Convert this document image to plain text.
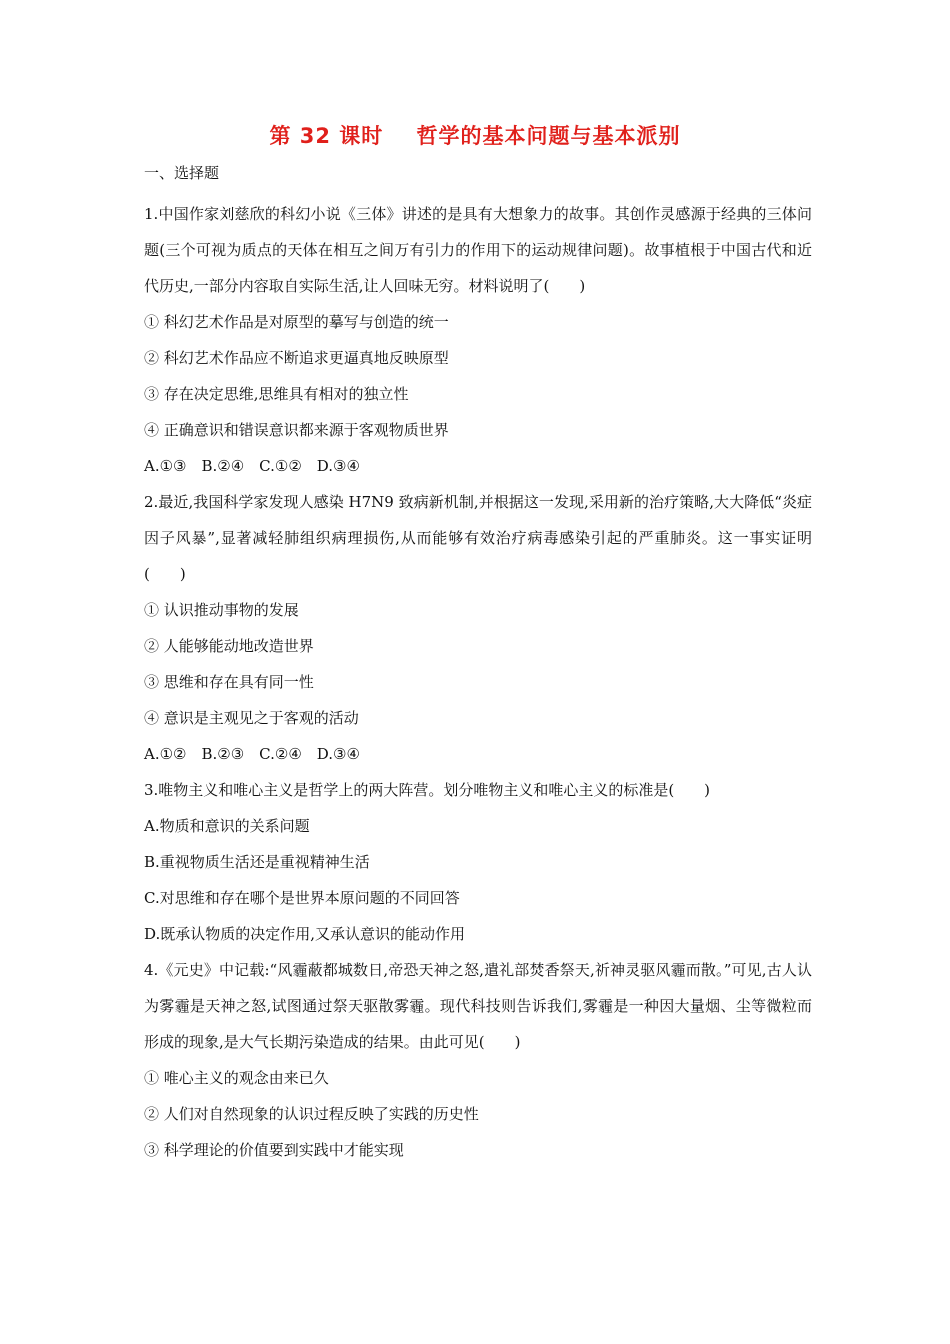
第 32 课时    哲学的基本问题与基本派别
一、选择题
1.中国作家刘慈欣的科幻小说《三体》讲述的是具有大想象力的故事。其创作灵感源于经典的三体问题(三个可视为质点的天体在相互之间万有引力的作用下的运动规律问题)。故事植根于中国古代和近代历史,一部分内容取自实际生活,让人回味无穷。材料说明了(　　)
① 科幻艺术作品是对原型的摹写与创造的统一
② 科幻艺术作品应不断追求更逼真地反映原型
③ 存在决定思维,思维具有相对的独立性
④ 正确意识和错误意识都来源于客观物质世界
A.①③　B.②④　C.①②　D.③④
2.最近,我国科学家发现人感染 H7N9 致病新机制,并根据这一发现,采用新的治疗策略,大大降低“炎症因子风暴”,显著减轻肺组织病理损伤,从而能够有效治疗病毒感染引起的严重肺炎。这一事实证明(　　)
① 认识推动事物的发展
② 人能够能动地改造世界
③ 思维和存在具有同一性
④ 意识是主观见之于客观的活动
A.①②　B.②③　C.②④　D.③④
3.唯物主义和唯心主义是哲学上的两大阵营。划分唯物主义和唯心主义的标准是(　　)
A.物质和意识的关系问题
B.重视物质生活还是重视精神生活
C.对思维和存在哪个是世界本原问题的不同回答
D.既承认物质的决定作用,又承认意识的能动作用
4.《元史》中记载:“风霾蔽都城数日,帝恐天神之怒,遣礼部焚香祭天,祈神灵驱风霾而散。”可见,古人认为雾霾是天神之怒,试图通过祭天驱散雾霾。现代科技则告诉我们,雾霾是一种因大量烟、尘等微粒而形成的现象,是大气长期污染造成的结果。由此可见(　　)
① 唯心主义的观念由来已久
② 人们对自然现象的认识过程反映了实践的历史性
③ 科学理论的价值要到实践中才能实现
